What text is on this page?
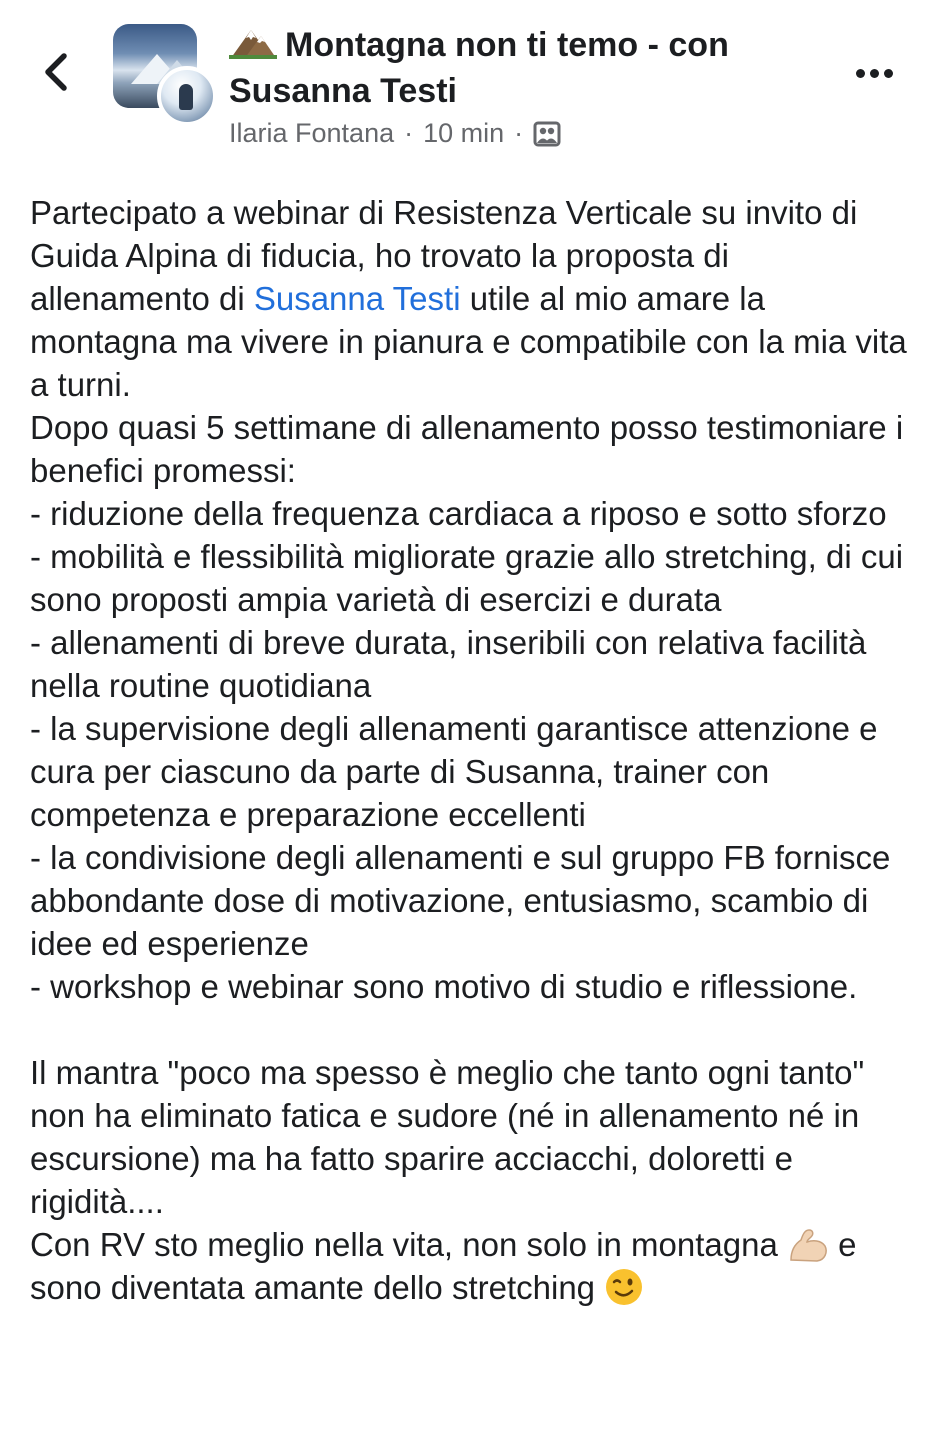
Montagna non ti temo - con Susanna Testi
Ilaria Fontana · 10 min ·

Partecipato a webinar di Resistenza Verticale su invito di Guida Alpina di fiducia, ho trovato la proposta di allenamento di Susanna Testi utile al mio amare la montagna ma vivere in pianura e compatibile con la mia vita a turni.

Dopo quasi 5 settimane di allenamento posso testimoniare i benefici promessi:

- riduzione della frequenza cardiaca a riposo e sotto sforzo

- mobilità e flessibilità migliorate grazie allo stretching, di cui sono proposti ampia varietà di esercizi e durata

- allenamenti di breve durata, inseribili con relativa facilità nella routine quotidiana

- la supervisione degli allenamenti garantisce attenzione e cura per ciascuno da parte di Susanna, trainer con competenza e preparazione eccellenti

- la condivisione degli allenamenti e sul gruppo FB fornisce abbondante dose di motivazione, entusiasmo, scambio di idee ed esperienze

- workshop e webinar sono motivo di studio e riflessione.

Il mantra "poco ma spesso è meglio che tanto ogni tanto" non ha eliminato fatica e sudore (né in allenamento né in escursione) ma ha fatto sparire acciacchi, doloretti e rigidità....

Con RV sto meglio nella vita, non solo in montagna  e sono diventata amante dello stretching
